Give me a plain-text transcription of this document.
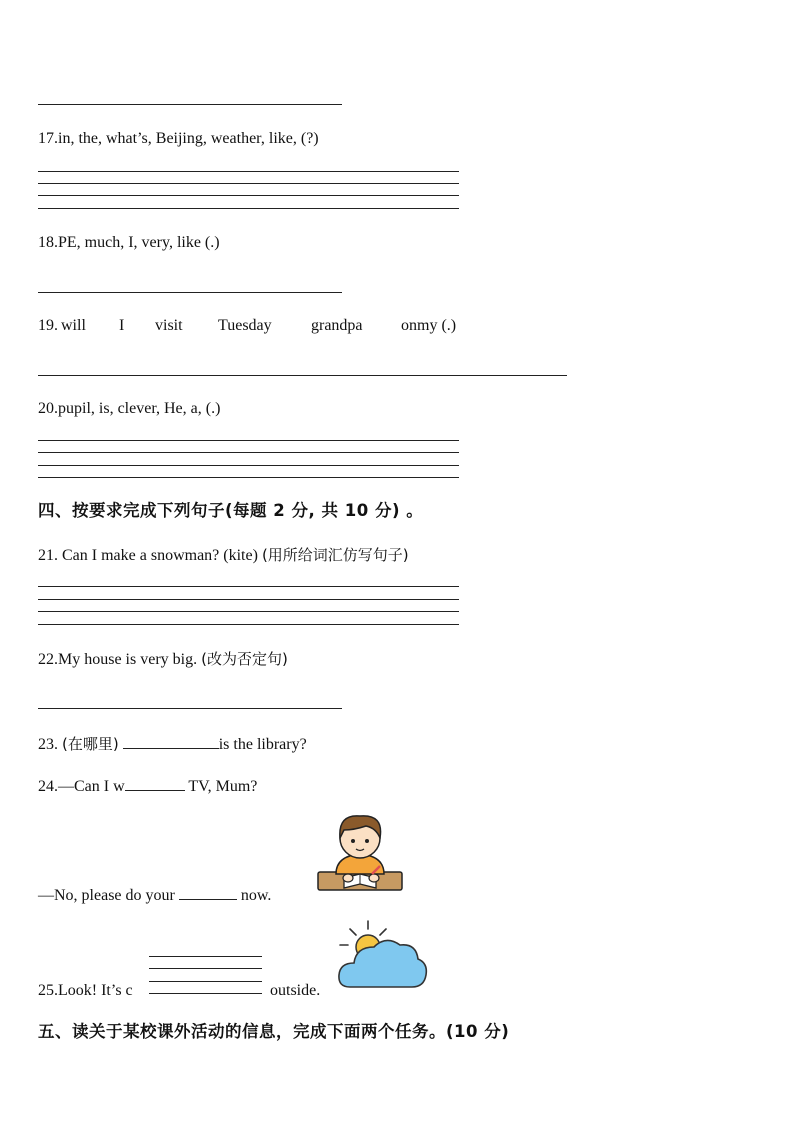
17.in, the, what’s, Beijing, weather, like, (?)
18.PE, much, I, very, like (.)
19. will I visit Tuesday grandpa onmy (.)
20.pupil, is, clever, He, a, (.)
四、按要求完成下列句子(每题 2 分, 共 10 分) 。
21. Can I make a snowman? (kite) (用所给词汇仿写句子)
22.My house is very big. (改为否定句)
23. (在哪里)	is the library?
24.—Can I w	TV, Mum?
—No, please do your	now.
25.Look! It’s c	outside.
五、读关于某校课外活动的信息，完成下面两个任务。(10 分)
